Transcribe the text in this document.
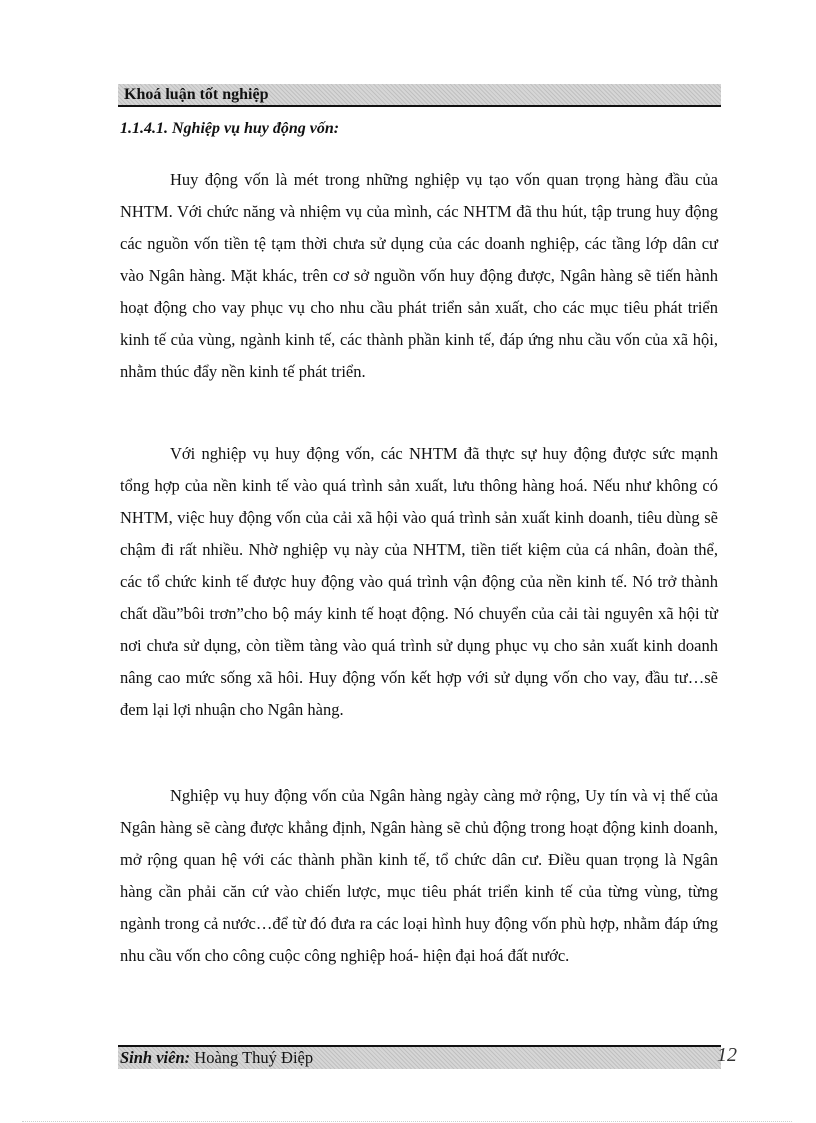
Khoá luận tốt nghiệp
1.1.4.1. Nghiệp vụ huy động vốn:

Huy động vốn là mét trong những nghiệp vụ tạo vốn quan trọng hàng đầu của NHTM. Với chức năng và nhiệm vụ của mình, các NHTM đã thu hút, tập trung huy động các nguồn vốn tiền tệ tạm thời chưa sử dụng của các doanh nghiệp, các tầng lớp dân cư vào Ngân hàng. Mặt khác, trên cơ sở nguồn vốn huy động được, Ngân hàng sẽ tiến hành hoạt động cho vay phục vụ cho nhu cầu phát triển sản xuất, cho các mục tiêu phát triển kinh tế của vùng, ngành kinh tế, các thành phần kinh tế, đáp ứng nhu cầu vốn của xã hội, nhằm thúc đẩy nền kinh tế phát triển.

Với nghiệp vụ huy động vốn, các NHTM đã thực sự huy động được sức mạnh tổng hợp của nền kinh tế vào quá trình sản xuất, lưu thông hàng hoá. Nếu như không có NHTM, việc huy động vốn của cải xã hội vào quá trình sản xuất kinh doanh, tiêu dùng sẽ chậm đi rất nhiều. Nhờ nghiệp vụ này của NHTM, tiền tiết kiệm của cá nhân, đoàn thể, các tổ chức kinh tế được huy động vào quá trình vận động của nền kinh tế. Nó trở thành chất dầu”bôi trơn”cho bộ máy kinh tế hoạt động. Nó chuyển của cải tài nguyên xã hội từ nơi chưa sử dụng, còn tiềm tàng vào quá trình sử dụng phục vụ cho sản xuất kinh doanh nâng cao mức sống xã hôi. Huy động vốn kết hợp với sử dụng vốn cho vay, đầu tư…sẽ đem lại lợi nhuận cho Ngân hàng.

Nghiệp vụ huy động vốn của Ngân hàng ngày càng mở rộng, Uy tín và vị thế của Ngân hàng sẽ càng được khẳng định, Ngân hàng sẽ chủ động trong hoạt động kinh doanh, mở rộng quan hệ với các thành phần kinh tế, tổ chức dân cư. Điều quan trọng là Ngân hàng cần phải căn cứ vào chiến lược, mục tiêu phát triển kinh tế của từng vùng, từng ngành trong cả nước…để từ đó đưa ra các loại hình huy động vốn phù hợp, nhằm đáp ứng nhu cầu vốn cho công cuộc công nghiệp hoá- hiện đại hoá đất nước.

Sinh viên: Hoàng Thuý Điệp	12
